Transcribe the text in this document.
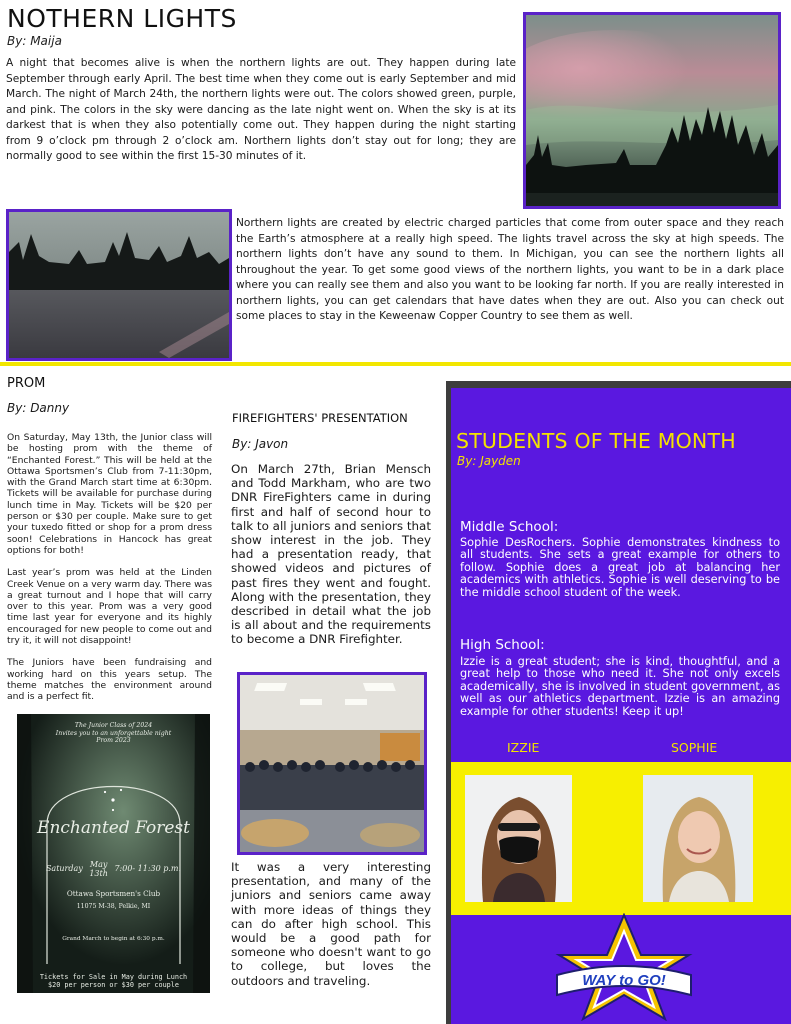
NOTHERN LIGHTS
By: Maija

A night that becomes alive is when the northern lights are out. They happen during late September through early April. The best time when they come out is early September and mid March. The night of March 24th, the northern lights were out. The colors showed green, purple, and pink. The colors in the sky were dancing as the late night went on. When the sky is at its darkest that is when they also potentially come out. They happen during the night starting from 9 o’clock pm through 2 o’clock am. Northern lights don’t stay out for long; they are normally good to see within the first 15-30 minutes of it.

Northern lights are created by electric charged particles that come from outer space and they reach the Earth’s atmosphere at a really high speed. The lights travel across the sky at high speeds. The northern lights don’t have any sound to them. In Michigan, you can see the northern lights all throughout the year. To get some good views of the northern lights, you want to be in a dark place where you can really see them and also you want to be looking far north. If you are really interested in northern lights, you can get calendars that have dates when they are out. Also you can check out some places to stay in the Keweenaw Copper Country to see them as well.

PROM
By: Danny

On Saturday, May 13th, the Junior class will be hosting prom with the theme of “Enchanted Forest.” This will be held at the Ottawa Sportsmen’s Club from 7-11:30pm, with the Grand March start time at 6:30pm. Tickets will be available for purchase during lunch time in May. Tickets will be $20 per person or $30 per couple. Make sure to get your tuxedo fitted or shop for a prom dress soon! Celebrations in Hancock has great options for both!

Last year’s prom was held at the Linden Creek Venue on a very warm day. There was a great turnout and I hope that will carry over to this year. Prom was a very good time last year for everyone and its highly encouraged for new people to come out and try it, it will not disappoint!

The Juniors have been fundraising and working hard on this years setup. The theme matches the environment around and is a perfect fit.

The Junior Class of 2024
Invites you to an unforgettable night
Prom 2023
Enchanted Forest
Saturday May
13th
7:00- 11:30 p.m.
Ottawa Sportsmen's Club
11075 M-38, Pelkie, MI
Grand March to begin at 6:30 p.m.
Tickets for Sale in May during Lunch
$20 per person or $30 per couple
FIREFIGHTERS' PRESENTATION
By: Javon

On March 27th, Brian Mensch and Todd Markham, who are two DNR FireFighters came in during first and half of second hour to talk to all juniors and seniors that show interest in the job. They had a presentation ready, that showed videos and pictures of past fires they went and fought. Along with the presentation, they described in detail what the job is all about and the requirements to become a DNR Firefighter.

It was a very interesting presentation, and many of the juniors and seniors came away with more ideas of things they can do after high school. This would be a good path for someone who doesn't want to go to college, but loves the outdoors and traveling.

STUDENTS OF THE MONTH
By: Jayden
Middle School:

Sophie DesRochers. Sophie demonstrates kindness to all students. She sets a great example for others to follow. Sophie does a great job at balancing her academics with athletics. Sophie is well deserving to be the middle school student of the week.

High School:

Izzie is a great student; she is kind, thoughtful, and a great help to those who need it. She not only excels academically, she is involved in student government, as well as our athletics department. Izzie is an amazing example for other students! Keep it up!

IZZIE	SOPHIE
WAY to GO!
